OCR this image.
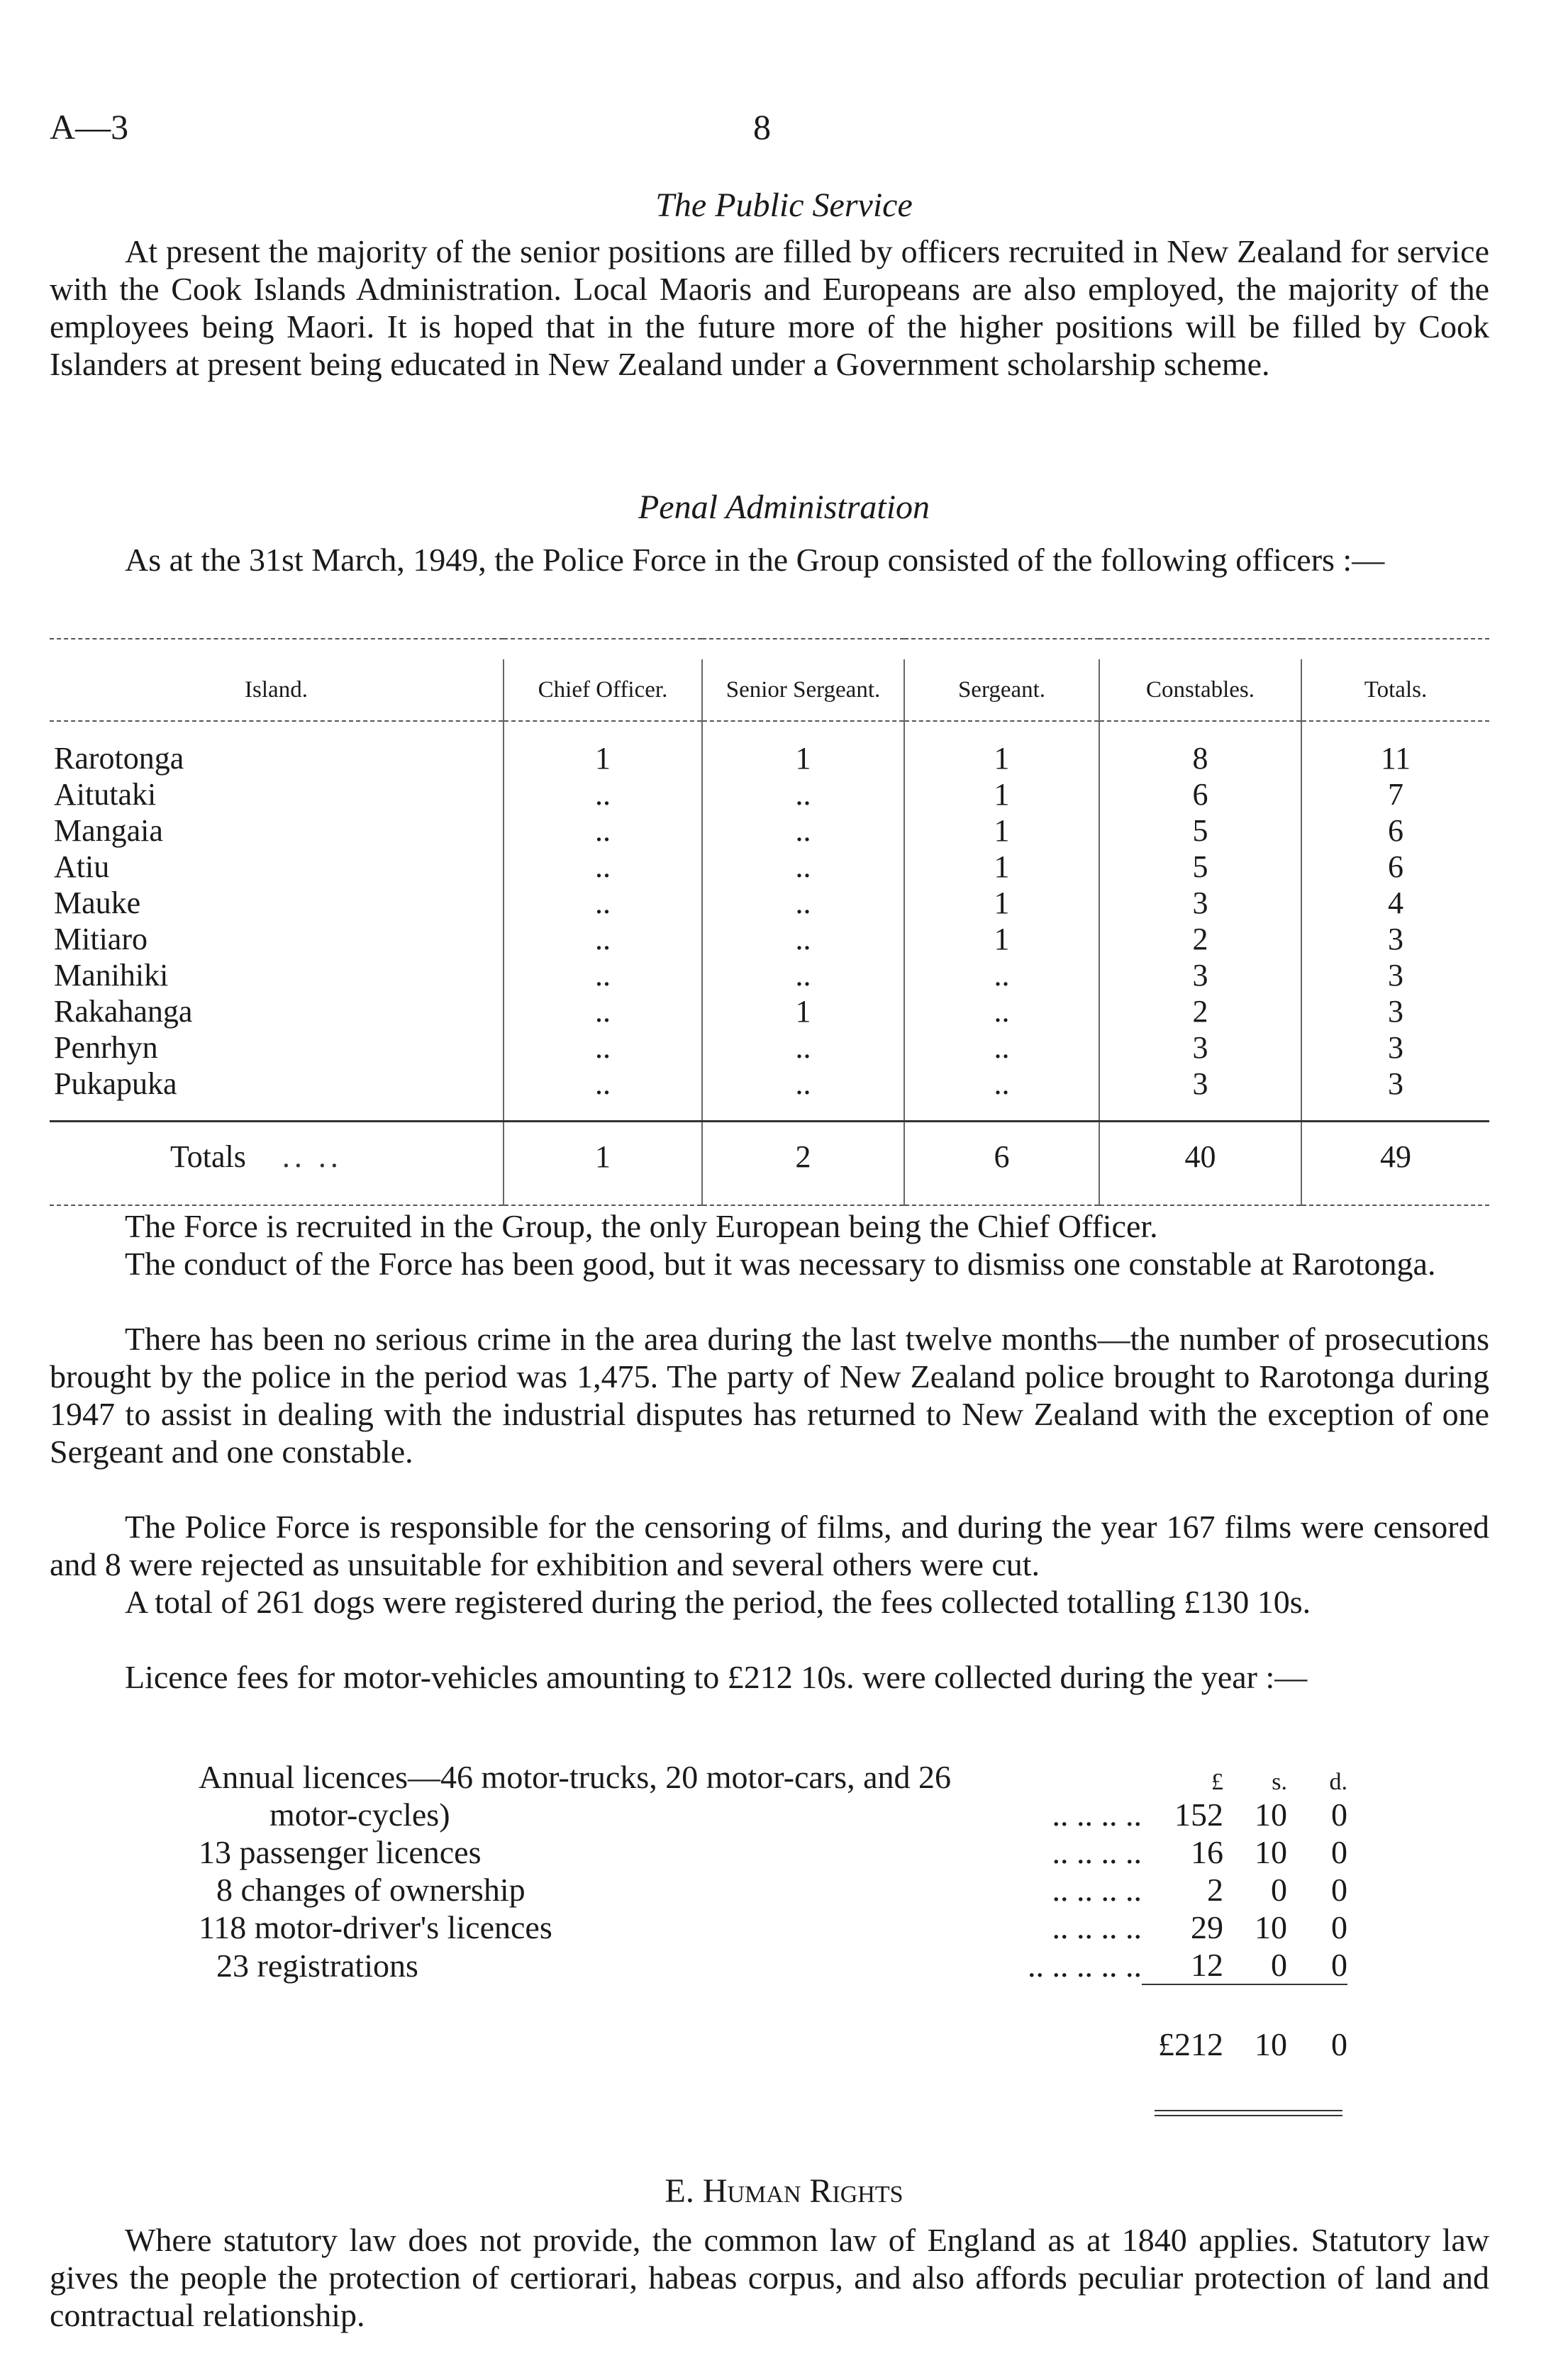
A—3	8
The Public Service
At present the majority of the senior positions are filled by officers recruited in New Zealand for service with the Cook Islands Administration. Local Maoris and Europeans are also employed, the majority of the employees being Maori. It is hoped that in the future more of the higher positions will be filled by Cook Islanders at present being educated in New Zealand under a Government scholarship scheme.
Penal Administration
As at the 31st March, 1949, the Police Force in the Group consisted of the following officers :—

Island.	Chief Officer.	Senior Sergeant.	Sergeant.	Constables.	Totals.

Rarotonga	1	1	1	8	11
Aitutaki	..	..	1	6	7
Mangaia	..	..	1	5	6
Atiu	..	..	1	5	6
Mauke	..	..	1	3	4
Mitiaro	..	..	1	2	3
Manihiki	..	..	..	3	3
Rakahanga	..	1	..	2	3
Penrhyn	..	..	..	3	3
Pukapuka	..	..	..	3	3

Totals .. ..	1	2	6	40	49

The Force is recruited in the Group, the only European being the Chief Officer.
The conduct of the Force has been good, but it was necessary to dismiss one constable at Rarotonga.
There has been no serious crime in the area during the last twelve months—the number of prosecutions brought by the police in the period was 1,475. The party of New Zealand police brought to Rarotonga during 1947 to assist in dealing with the industrial disputes has returned to New Zealand with the exception of one Sergeant and one constable.
The Police Force is responsible for the censoring of films, and during the year 167 films were censored and 8 were rejected as unsuitable for exhibition and several others were cut.
A total of 261 dogs were registered during the period, the fees collected totalling £130 10s.
Licence fees for motor-vehicles amounting to £212 10s. were collected during the year :—
Annual licences—46 motor-trucks, 20 motor-cars, and 26		£	s.	d.
motor-cycles)	.. .. .. ..	152	10	0
13 passenger licences	.. .. .. ..	16	10	0
8 changes of ownership	.. .. .. ..	2	0	0
118 motor-driver's licences	.. .. .. ..	29	10	0
23 registrations	.. .. .. .. ..	12	0	0
		£212	10	0
E. Human Rights
Where statutory law does not provide, the common law of England as at 1840 applies. Statutory law gives the people the protection of certiorari, habeas corpus, and also affords peculiar protection of land and contractual relationship.
